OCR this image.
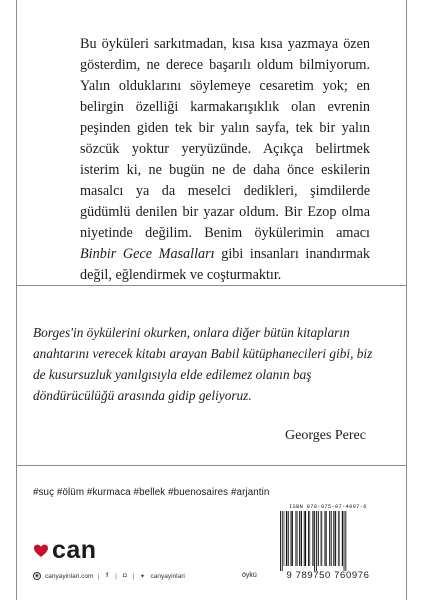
Bu öyküleri sarkıtmadan, kısa kısa yazmaya özen gösterdim, ne derece başarılı oldum bilmiyorum. Yalın olduklarını söylemeye cesaretim yok; en belirgin özelliği karmakarışıklık olan evrenin peşinden giden tek bir yalın sayfa, tek bir yalın sözcük yoktur yeryüzünde. Açıkça belirtmek isterim ki, ne bugün ne de daha önce eskilerin masalcı ya da meselci dedikleri, şimdilerde güdümlü denilen bir yazar oldum. Bir Ezop olma niyetinde değilim. Benim öykülerimin amacı Binbir Gece Masalları gibi insanları inandırmak değil, eğlendirmek ve coşturmaktır.

Borges'in öykülerini okurken, onlara diğer bütün kitapların anahtarını verecek kitabı arayan Babil kütüphanecileri gibi, biz de kusursuzluk yanılgısıyla elde edilemez olanın baş döndürücülüğü arasında gidip geliyoruz.

Georges Perec
#suç #ölüm #kurmaca #bellek #buenosaires #arjantin
can
◉ canyayinlari.com |	f	|	◘ | ✦ canyayinlari	öykü
ISBN 978-975-07-4097-6
9 789750 760976
